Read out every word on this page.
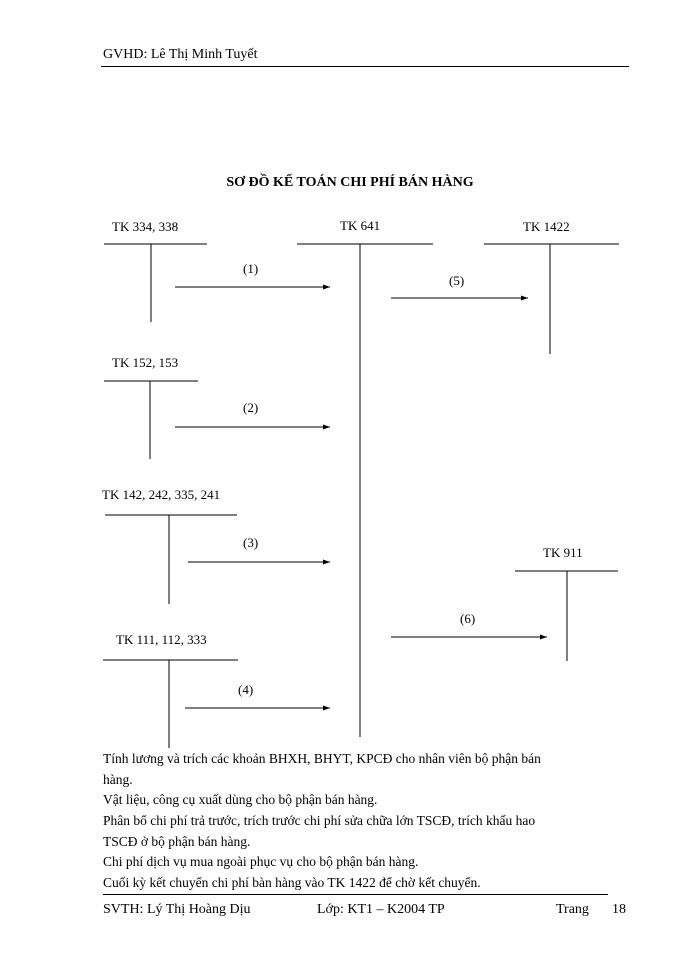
GVHD: Lê Thị Minh Tuyết
SƠ ĐỒ KẾ TOÁN CHI PHÍ BÁN HÀNG
TK 334, 338
TK 152, 153
TK 142, 242, 335, 241
TK 111, 112, 333
TK 641	TK 1422
TK 911
(1)
(2)
(3)
(4)
(5)
(6)
Tính lương và trích các khoản BHXH, BHYT, KPCĐ cho nhân viên bộ phận bán
hàng.
Vật liệu, công cụ xuất dùng cho bộ phận bán hàng.
Phân bổ chi phí trả trước, trích trước chi phí sửa chữa lớn TSCĐ, trích khấu hao
TSCĐ ở bộ phận bán hàng.
Chi phí dịch vụ mua ngoài phục vụ cho bộ phận bán hàng.
Cuối kỳ kết chuyển chi phí bàn hàng vào TK 1422 để chờ kết chuyển.
SVTH: Lý Thị Hoàng Dịu	Lớp: KT1 – K2004 TP	Trang 18
